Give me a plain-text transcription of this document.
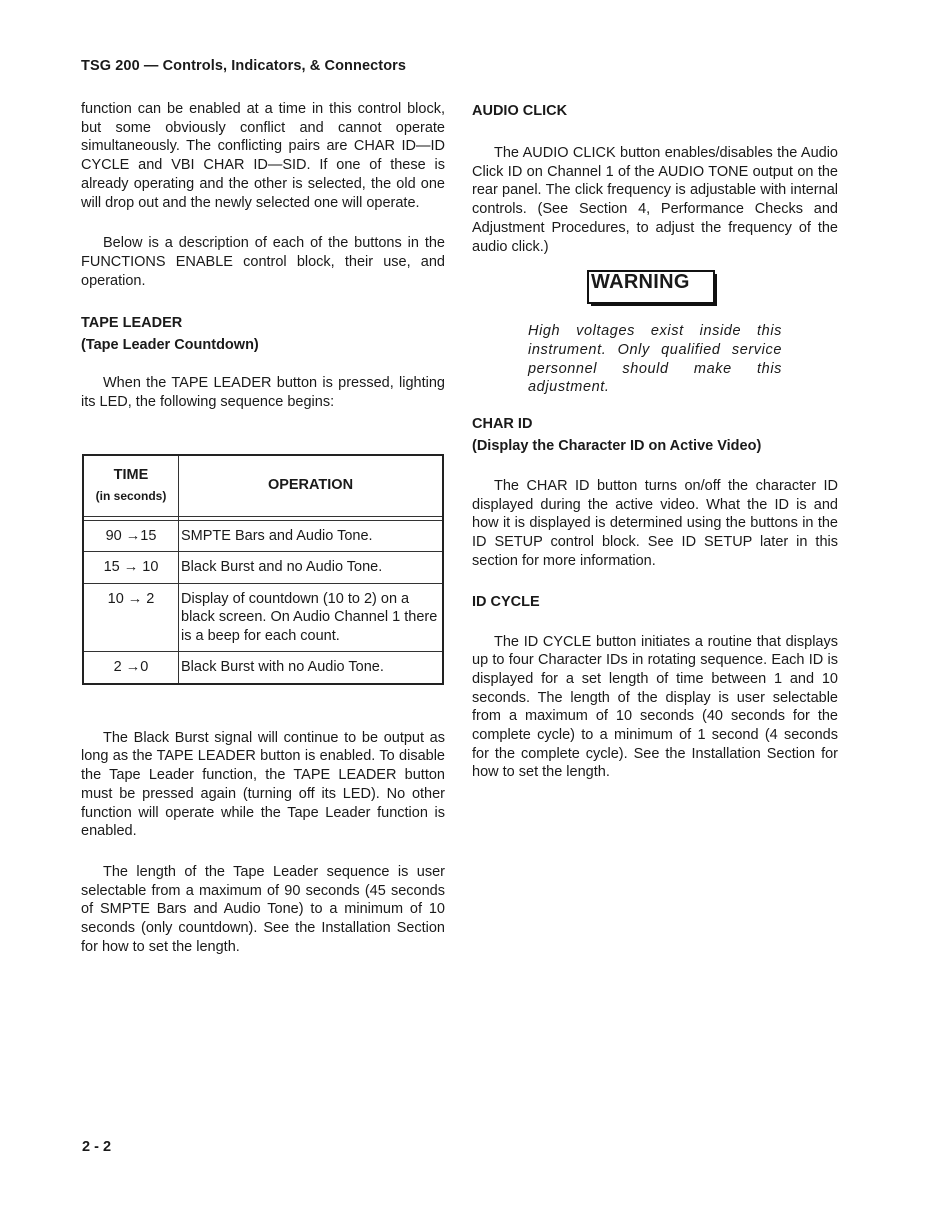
TSG 200 — Controls, Indicators, & Connectors

function can be enabled at a time in this control block, but some obviously conflict and cannot operate simultaneously. The conflicting pairs are CHAR ID—ID CYCLE and VBI CHAR ID—SID. If one of these is already operating and the other is selected, the old one will drop out and the newly selected one will operate.

Below is a description of each of the buttons in the FUNCTIONS ENABLE control block, their use, and operation.

TAPE LEADER

(Tape Leader Countdown)

When the TAPE LEADER button is pressed, lighting its LED, the following sequence begins:

TIME
(in seconds)	OPERATION

90 →15	SMPTE Bars and Audio Tone.
15 → 10	Black Burst and no Audio Tone.
10 → 2	Display of countdown (10 to 2) on a black screen. On Audio Channel 1 there is a beep for each count.
2 →0	Black Burst with no Audio Tone.

The Black Burst signal will continue to be output as long as the TAPE LEADER button is enabled. To disable the Tape Leader function, the TAPE LEADER button must be pressed again (turning off its LED). No other function will operate while the Tape Leader function is enabled.

The length of the Tape Leader sequence is user selectable from a maximum of 90 seconds (45 seconds of SMPTE Bars and Audio Tone) to a minimum of 10 seconds (only countdown). See the Installation Section for how to set the length.

AUDIO CLICK

The AUDIO CLICK button enables/disables the Audio Click ID on Channel 1 of the AUDIO TONE output on the rear panel. The click frequency is adjustable with internal controls. (See Section 4, Performance Checks and Adjustment Procedures, to adjust the frequency of the audio click.)

WARNING

High voltages exist inside this instrument. Only qualified service personnel should make this adjustment.

CHAR ID

(Display the Character ID on Active Video)

The CHAR ID button turns on/off the character ID displayed during the active video. What the ID is and how it is displayed is determined using the buttons in the ID SETUP control block. See ID SETUP later in this section for more information.

ID CYCLE

The ID CYCLE button initiates a routine that displays up to four Character IDs in rotating sequence. Each ID is displayed for a set length of time between 1 and 10 seconds. The length of the display is user selectable from a maximum of 10 seconds (40 seconds for the complete cycle) to a minimum of 1 second (4 seconds for the complete cycle). See the Installation Section for how to set the length.

2 - 2
